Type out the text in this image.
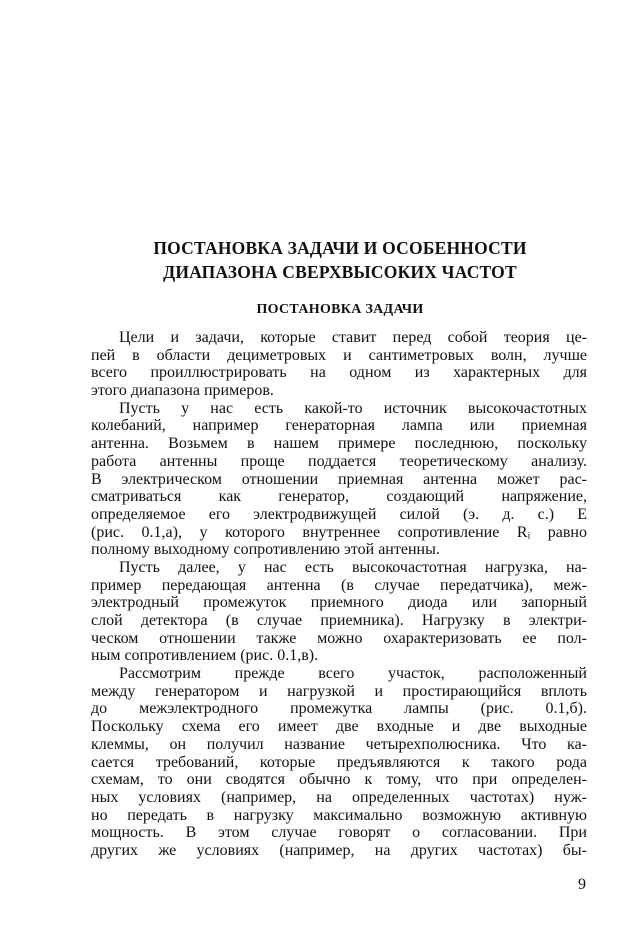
ПОСТАНОВКА ЗАДАЧИ И ОСОБЕННОСТИ
ДИАПАЗОНА СВЕРХВЫСОКИХ ЧАСТОТ
ПОСТАНОВКА ЗАДАЧИ
Цели и задачи, которые ставит перед собой теория це-
пей в области дециметровых и сантиметровых волн, лучше
всего проиллюстрировать на одном из характерных для
этого диапазона примеров.
Пусть у нас есть какой-то источник высокочастотных
колебаний, например генераторная лампа или приемная
антенна. Возьмем в нашем примере последнюю, поскольку
работа антенны проще поддается теоретическому анализу.
В электрическом отношении приемная антенна может рас-
сматриваться как генератор, создающий напряжение,
определяемое его электродвижущей силой (э. д. с.) E
(рис. 0.1,а), у которого внутреннее сопротивление Rᵢ равно
полному выходному сопротивлению этой антенны.
Пусть далее, у нас есть высокочастотная нагрузка, на-
пример передающая антенна (в случае передатчика), меж-
электродный промежуток приемного диода или запорный
слой детектора (в случае приемника). Нагрузку в электри-
ческом отношении также можно охарактеризовать ее пол-
ным сопротивлением (рис. 0.1,в).
Рассмотрим прежде всего участок, расположенный
между генератором и нагрузкой и простирающийся вплоть
до межэлектродного промежутка лампы (рис. 0.1,б).
Поскольку схема его имеет две входные и две выходные
клеммы, он получил название четырехполюсника. Что ка-
сается требований, которые предъявляются к такого рода
схемам, то они сводятся обычно к тому, что при определен-
ных условиях (например, на определенных частотах) нуж-
но передать в нагрузку максимально возможную активную
мощность. В этом случае говорят о согласовании. При
других же условиях (например, на других частотах) бы-
9
